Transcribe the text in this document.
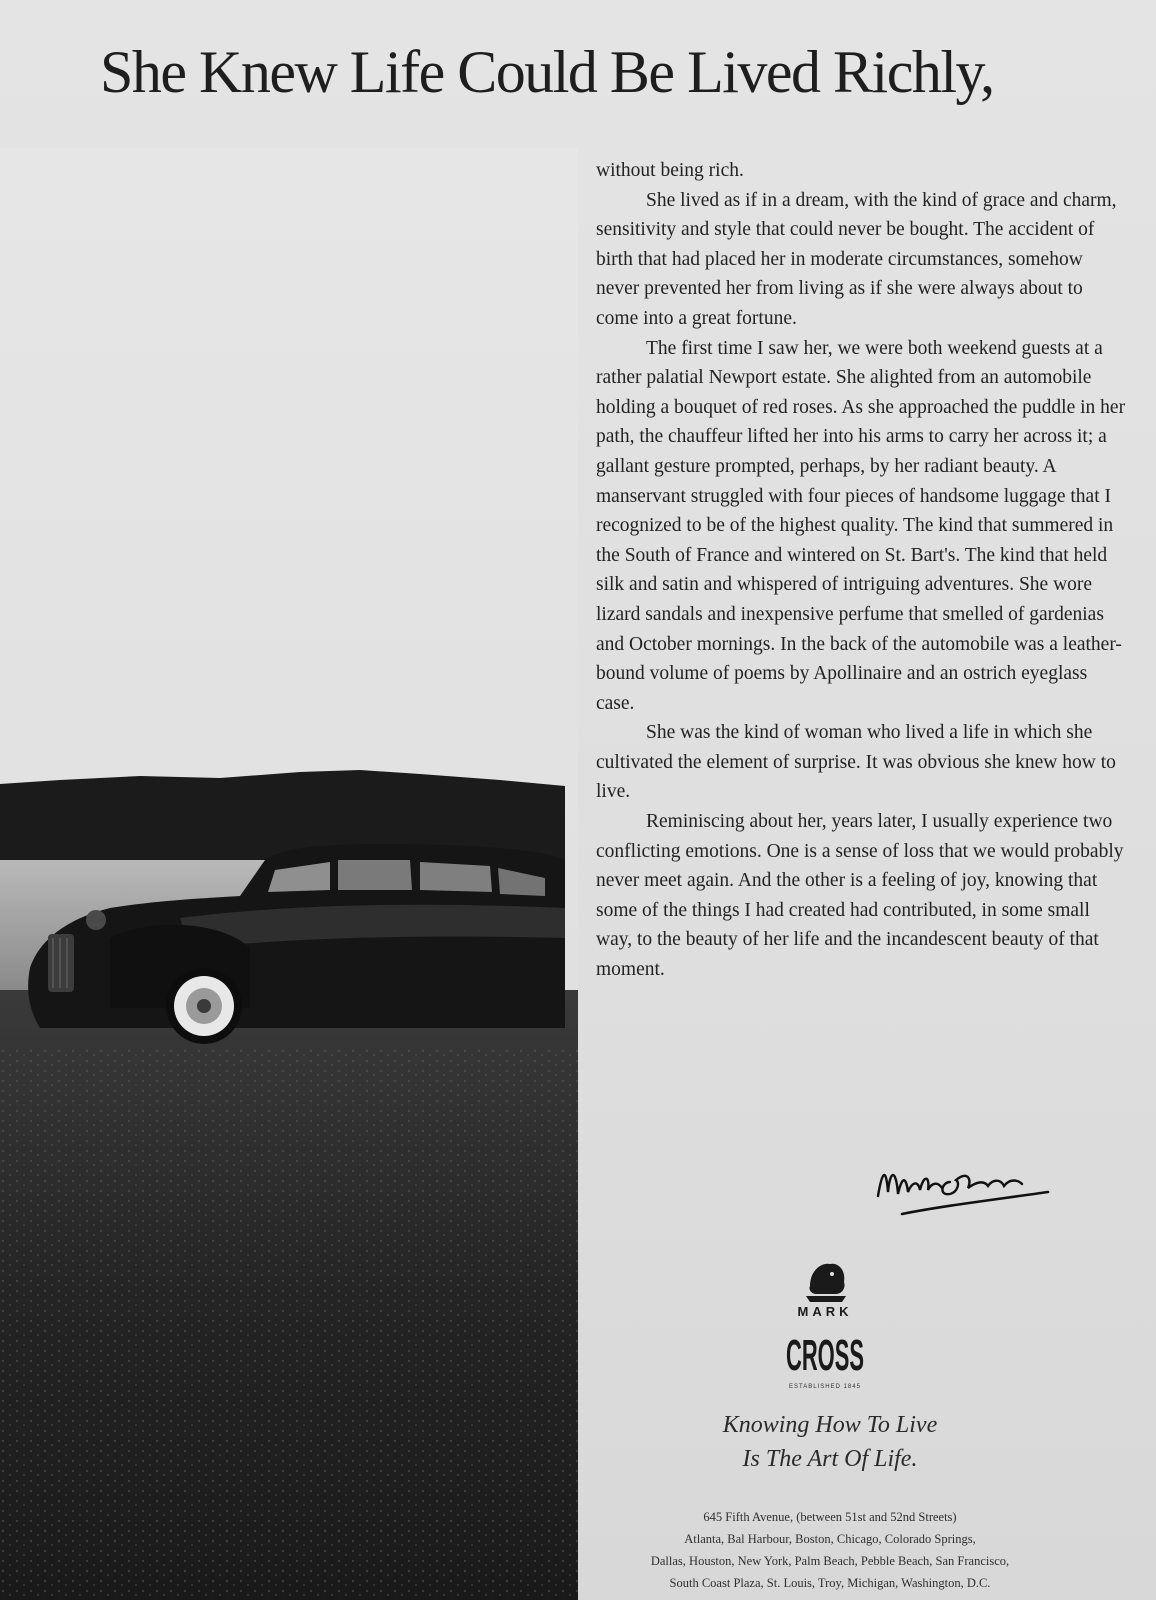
She Knew Life Could Be Lived Richly,

without being rich.

She lived as if in a dream, with the kind of grace and charm, sensitivity and style that could never be bought. The accident of birth that had placed her in moderate circumstances, somehow never prevented her from living as if she were always about to come into a great fortune.

The first time I saw her, we were both weekend guests at a rather palatial Newport estate. She alighted from an automobile holding a bouquet of red roses. As she approached the puddle in her path, the chauffeur lifted her into his arms to carry her across it; a gallant gesture prompted, perhaps, by her radiant beauty. A manservant struggled with four pieces of handsome luggage that I recognized to be of the highest quality. The kind that summered in the South of France and wintered on St. Bart's. The kind that held silk and satin and whispered of intriguing adventures. She wore lizard sandals and inexpensive perfume that smelled of gardenias and October mornings. In the back of the automobile was a leather-bound volume of poems by Apollinaire and an ostrich eyeglass case.

She was the kind of woman who lived a life in which she cultivated the element of surprise. It was obvious she knew how to live.

Reminiscing about her, years later, I usually experience two conflicting emotions. One is a sense of loss that we would probably never meet again. And the other is a feeling of joy, knowing that some of the things I had created had contributed, in some small way, to the beauty of her life and the incandescent beauty of that moment.

MARK
CROSS
ESTABLISHED 1845
Knowing How To Live
Is The Art Of Life.
645 Fifth Avenue, (between 51st and 52nd Streets)
Atlanta, Bal Harbour, Boston, Chicago, Colorado Springs,
Dallas, Houston, New York, Palm Beach, Pebble Beach, San Francisco,
South Coast Plaza, St. Louis, Troy, Michigan, Washington, D.C.
